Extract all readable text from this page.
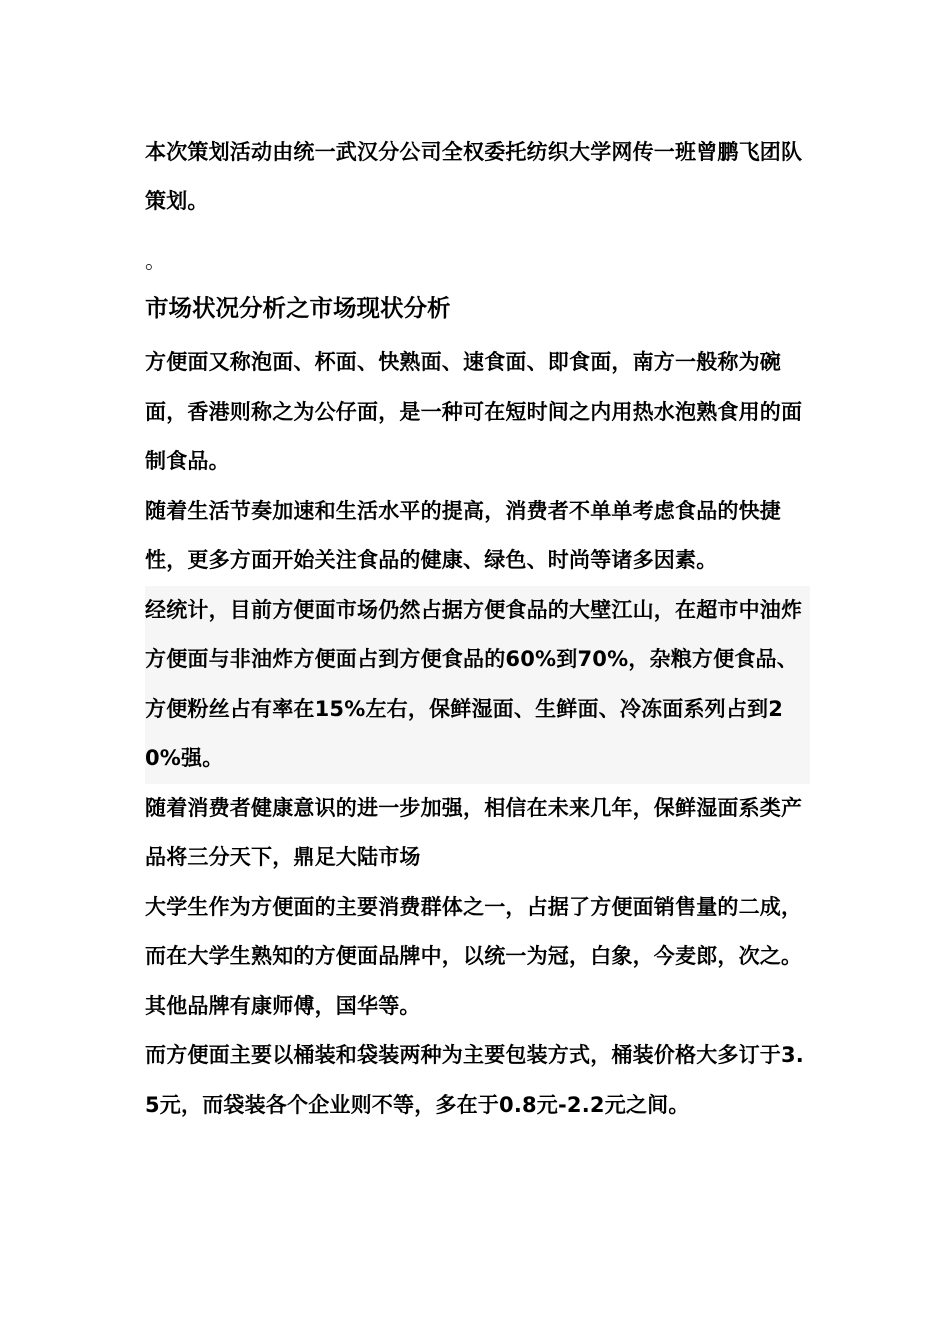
本次策划活动由统一武汉分公司全权委托纺织大学网传一班曾鹏飞团队策划。

。
市场状况分析之市场现状分析

方便面又称泡面、杯面、快熟面、速食面、即食面，南方一般称为碗面，香港则称之为公仔面，是一种可在短时间之内用热水泡熟食用的面制食品。

随着生活节奏加速和生活水平的提高，消费者不单单考虑食品的快捷性，更多方面开始关注食品的健康、绿色、时尚等诸多因素。

经统计，目前方便面市场仍然占据方便食品的大壁江山，在超市中油炸方便面与非油炸方便面占到方便食品的60%到70%，杂粮方便食品、方便粉丝占有率在15%左右，保鲜湿面、生鲜面、冷冻面系列占到20%强。

随着消费者健康意识的进一步加强，相信在未来几年，保鲜湿面系类产品将三分天下，鼎足大陆市场

大学生作为方便面的主要消费群体之一，占据了方便面销售量的二成，而在大学生熟知的方便面品牌中，以统一为冠，白象，今麦郎，次之。其他品牌有康师傅，国华等。

而方便面主要以桶装和袋装两种为主要包装方式，桶装价格大多订于3.5元，而袋装各个企业则不等，多在于0.8元-2.2元之间。
